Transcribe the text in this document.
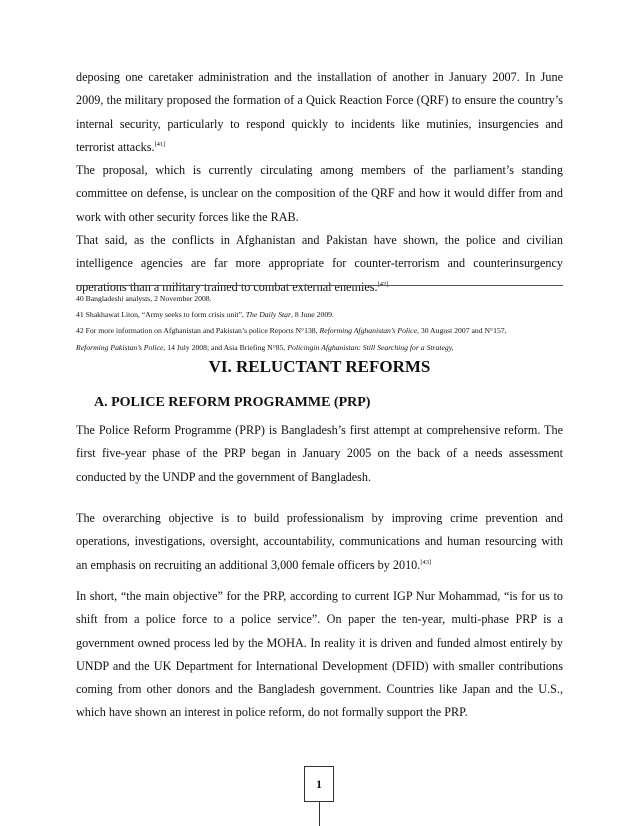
deposing one caretaker administration and the installation of another in January 2007. In June 2009, the military proposed the formation of a Quick Reaction Force (QRF) to ensure the country’s internal security, particularly to respond quickly to incidents like mutinies, insurgencies and terrorist attacks.[41]

The proposal, which is currently circulating among members of the parliament’s standing committee on defense, is unclear on the composition of the QRF and how it would differ from and work with other security forces like the RAB.

That said, as the conflicts in Afghanistan and Pakistan have shown, the police and civilian intelligence agencies are far more appropriate for counter-terrorism and counterinsurgency operations than a military trained to combat external enemies.[42]

40 Bangladeshi analysts, 2 November 2008.

41 Shakhawat Liton, “Army seeks to form crisis unit”, The Daily Star, 8 June 2009.

42 For more information on Afghanistan and Pakistan’s police Reports N°138, Reforming Afghanistan’s Police, 30 August 2007 and N°157,

Reforming Pakistan’s Police, 14 July 2008; and Asia Briefing N°85, Policingin Afghanistan: Still Searching for a Strategy,

VI. RELUCTANT REFORMS
A. POLICE REFORM PROGRAMME (PRP)

The Police Reform Programme (PRP) is Bangladesh’s first attempt at comprehensive reform. The first five-year phase of the PRP began in January 2005 on the back of a needs assessment conducted by the UNDP and the government of Bangladesh.

The overarching objective is to build professionalism by improving crime prevention and operations, investigations, oversight, accountability, communications and human resourcing with an emphasis on recruiting an additional 3,000 female officers by 2010.[43]

In short, “the main objective” for the PRP, according to current IGP Nur Mohammad, “is for us to shift from a police force to a police service”. On paper the ten-year, multi-phase PRP is a government owned process led by the MOHA. In reality it is driven and funded almost entirely by UNDP and the UK Department for International Development (DFID) with smaller contributions coming from other donors and the Bangladesh government. Countries like Japan and the U.S., which have shown an interest in police reform, do not formally support the PRP.

1
